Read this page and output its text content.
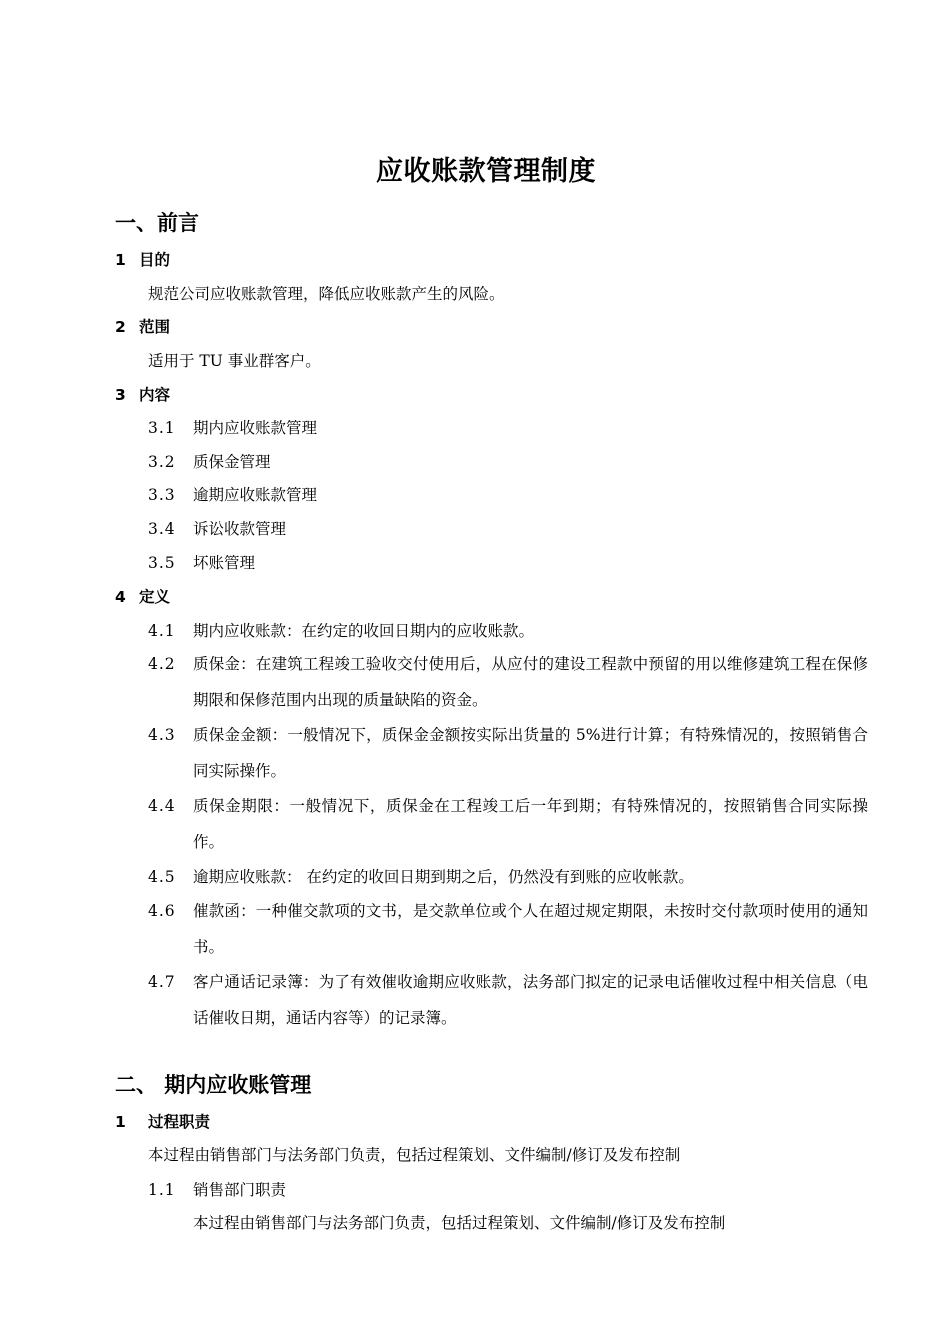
应收账款管理制度
一、前言
1 目的
规范公司应收账款管理，降低应收账款产生的风险。
2 范围
适用于 TU 事业群客户。
3 内容
3.1 期内应收账款管理
3.2 质保金管理
3.3 逾期应收账款管理
3.4 诉讼收款管理
3.5 坏账管理
4 定义
4.1 期内应收账款：在约定的收回日期内的应收账款。
4.2 质保金：在建筑工程竣工验收交付使用后，从应付的建设工程款中预留的用以维修建筑工程在保修期限和保修范围内出现的质量缺陷的资金。
4.3 质保金金额：一般情况下，质保金金额按实际出货量的 5%进行计算；有特殊情况的，按照销售合同实际操作。
4.4 质保金期限：一般情况下，质保金在工程竣工后一年到期；有特殊情况的，按照销售合同实际操作。
4.5 逾期应收账款： 在约定的收回日期到期之后，仍然没有到账的应收帐款。
4.6 催款函：一种催交款项的文书，是交款单位或个人在超过规定期限，未按时交付款项时使用的通知书。
4.7 客户通话记录簿：为了有效催收逾期应收账款，法务部门拟定的记录电话催收过程中相关信息（电话催收日期，通话内容等）的记录簿。
二、 期内应收账管理
1 过程职责
本过程由销售部门与法务部门负责，包括过程策划、文件编制/修订及发布控制
1.1 销售部门职责
本过程由销售部门与法务部门负责，包括过程策划、文件编制/修订及发布控制
